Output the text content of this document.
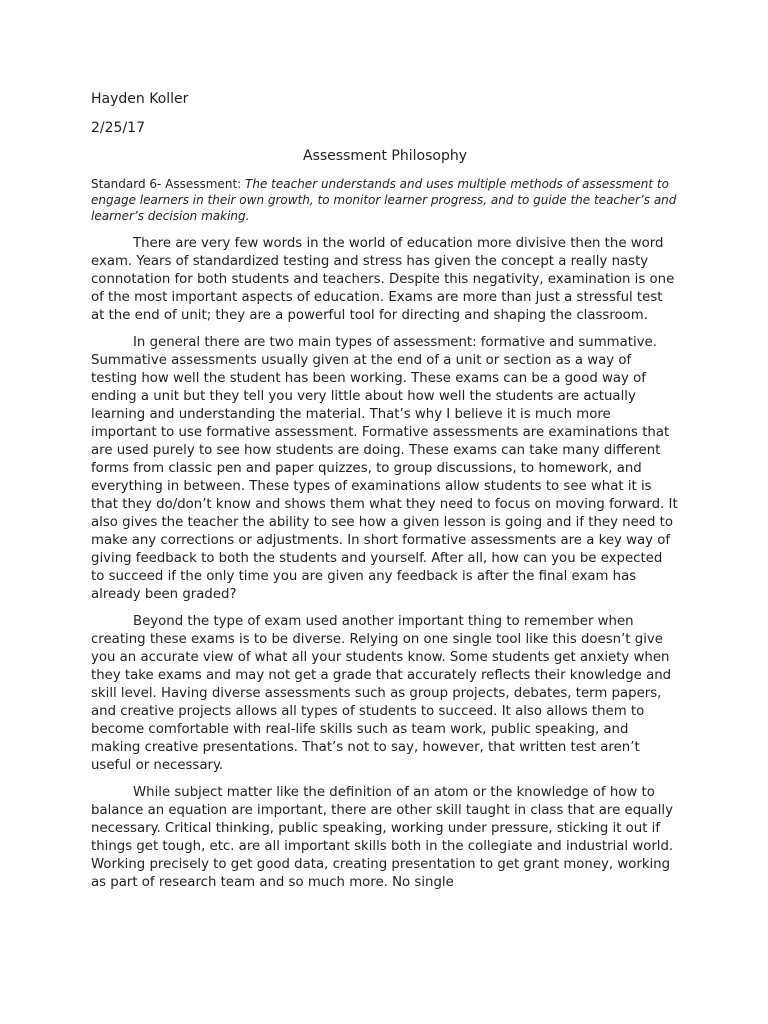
Hayden Koller
2/25/17
Assessment Philosophy
Standard 6- Assessment: The teacher understands and uses multiple methods of assessment to engage learners in their own growth, to monitor learner progress, and to guide the teacher’s and learner’s decision making.

There are very few words in the world of education more divisive then the word exam. Years of standardized testing and stress has given the concept a really nasty connotation for both students and teachers. Despite this negativity, examination is one of the most important aspects of education. Exams are more than just a stressful test at the end of unit; they are a powerful tool for directing and shaping the classroom.

In general there are two main types of assessment: formative and summative. Summative assessments usually given at the end of a unit or section as a way of testing how well the student has been working. These exams can be a good way of ending a unit but they tell you very little about how well the students are actually learning and understanding the material. That’s why I believe it is much more important to use formative assessment. Formative assessments are examinations that are used purely to see how students are doing. These exams can take many different forms from classic pen and paper quizzes, to group discussions, to homework, and everything in between. These types of examinations allow students to see what it is that they do/don’t know and shows them what they need to focus on moving forward. It also gives the teacher the ability to see how a given lesson is going and if they need to make any corrections or adjustments. In short formative assessments are a key way of giving feedback to both the students and yourself. After all, how can you be expected to succeed if the only time you are given any feedback is after the final exam has already been graded?

Beyond the type of exam used another important thing to remember when creating these exams is to be diverse. Relying on one single tool like this doesn’t give you an accurate view of what all your students know. Some students get anxiety when they take exams and may not get a grade that accurately reflects their knowledge and skill level. Having diverse assessments such as group projects, debates, term papers, and creative projects allows all types of students to succeed. It also allows them to become comfortable with real-life skills such as team work, public speaking, and making creative presentations. That’s not to say, however, that written test aren’t useful or necessary.

While subject matter like the definition of an atom or the knowledge of how to balance an equation are important, there are other skill taught in class that are equally necessary. Critical thinking, public speaking, working under pressure, sticking it out if things get tough, etc. are all important skills both in the collegiate and industrial world. Working precisely to get good data, creating presentation to get grant money, working as part of research team and so much more. No single
